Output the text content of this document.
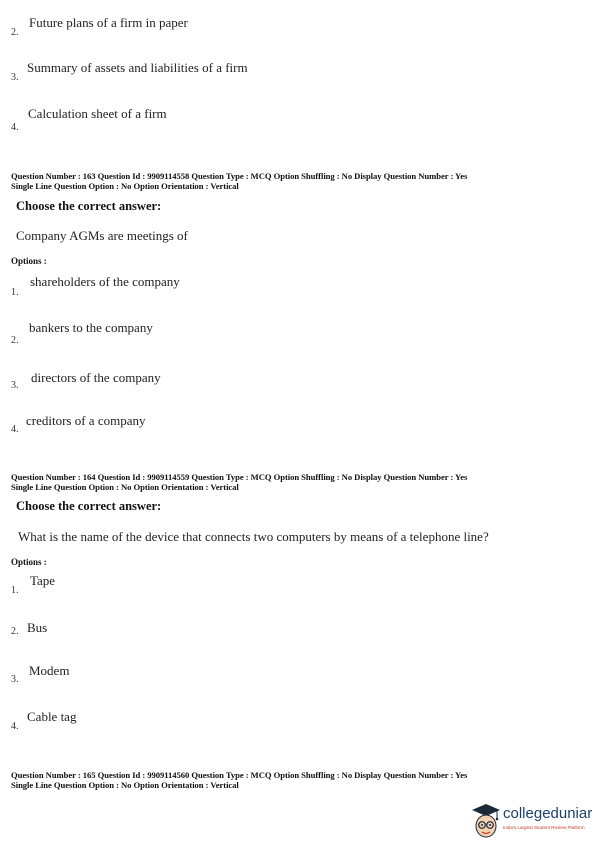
Future plans of a firm in paper
2.
Summary of assets and liabilities of a firm
3.
Calculation sheet of a firm
4.
Question Number : 163 Question Id : 9909114558 Question Type : MCQ Option Shuffling : No Display Question Number : Yes
Single Line Question Option : No Option Orientation : Vertical
Choose the correct answer:
Company AGMs are meetings of
Options :
shareholders of the company
1.
bankers to the company
2.
directors of the company
3.
creditors of a company
4.
Question Number : 164 Question Id : 9909114559 Question Type : MCQ Option Shuffling : No Display Question Number : Yes
Single Line Question Option : No Option Orientation : Vertical
Choose the correct answer:
What is the name of the device that connects two computers by means of a telephone line?
Options :
Tape
1.
2. Bus
Modem
3.
Cable tag
4.
Question Number : 165 Question Id : 9909114560 Question Type : MCQ Option Shuffling : No Display Question Number : Yes
Single Line Question Option : No Option Orientation : Vertical
collegeduniar
India's Largest Student Review Platform
